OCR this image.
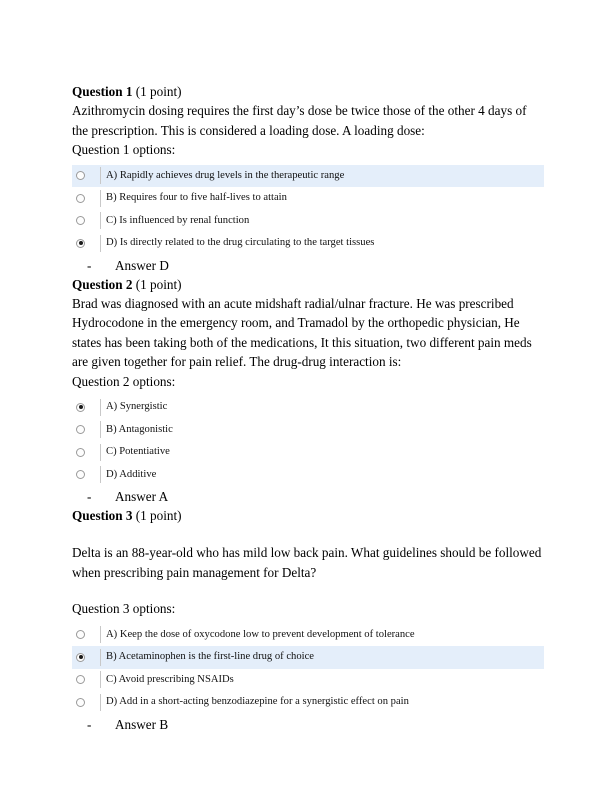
Question 1 (1 point)

Azithromycin dosing requires the first day’s dose be twice those of the other 4 days of the prescription. This is considered a loading dose. A loading dose:

Question 1 options:

A) Rapidly achieves drug levels in the therapeutic range
B) Requires four to five half-lives to attain
C) Is influenced by renal function
D) Is directly related to the drug circulating to the target tissues
-	Answer D

Question 2 (1 point)

Brad was diagnosed with an acute midshaft radial/ulnar fracture. He was prescribed Hydrocodone in the emergency room, and Tramadol by the orthopedic physician, He states has been taking both of the medications, It this situation, two different pain meds are given together for pain relief. The drug-drug interaction is:

Question 2 options:

A) Synergistic
B) Antagonistic
C) Potentiative
D) Additive
-	Answer A

Question 3 (1 point)

Delta is an 88-year-old who has mild low back pain. What guidelines should be followed when prescribing pain management for Delta?

Question 3 options:

A) Keep the dose of oxycodone low to prevent development of tolerance
B) Acetaminophen is the first-line drug of choice
C) Avoid prescribing NSAIDs
D) Add in a short-acting benzodiazepine for a synergistic effect on pain
-	Answer B
